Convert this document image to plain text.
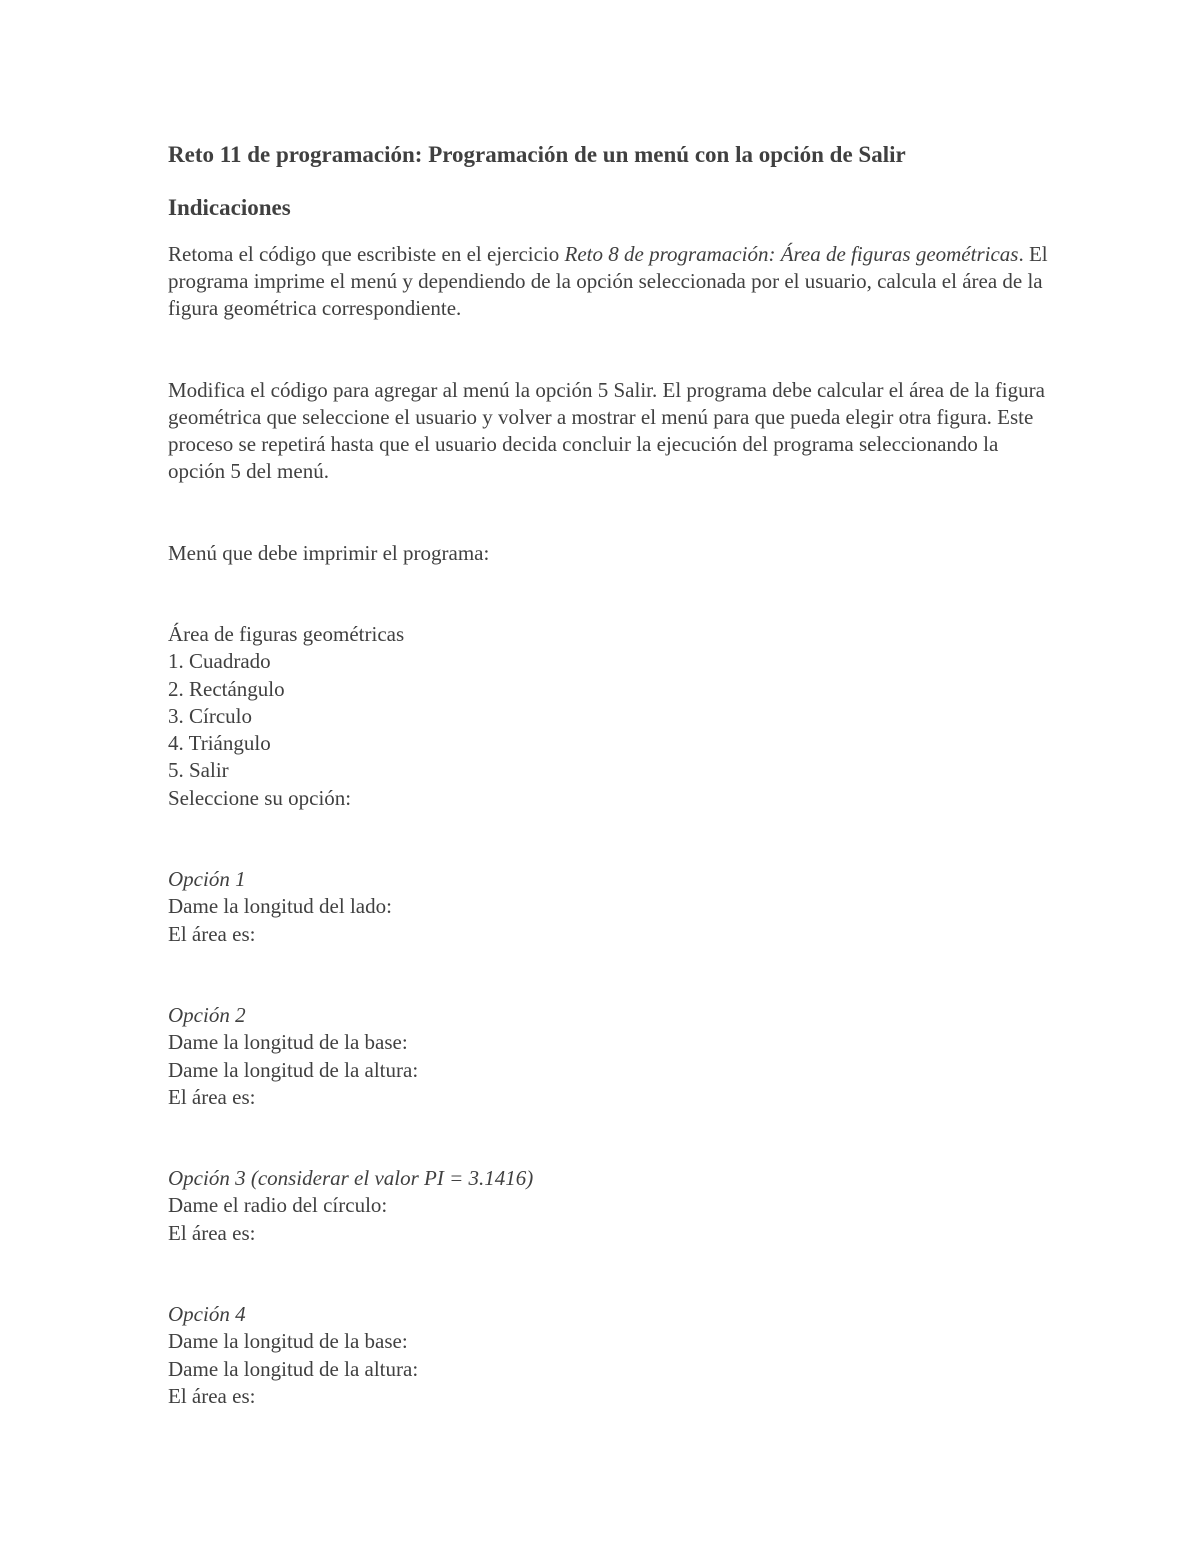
Reto 11 de programación: Programación de un menú con la opción de Salir
Indicaciones

Retoma el código que escribiste en el ejercicio Reto 8 de programación: Área de figuras geométricas. El programa imprime el menú y dependiendo de la opción seleccionada por el usuario, calcula el área de la figura geométrica correspondiente.

Modifica el código para agregar al menú la opción 5 Salir. El programa debe calcular el área de la figura geométrica que seleccione el usuario y volver a mostrar el menú para que pueda elegir otra figura. Este proceso se repetirá hasta que el usuario decida concluir la ejecución del programa seleccionando la opción 5 del menú.

Menú que debe imprimir el programa:

Área de figuras geométricas
1. Cuadrado
2. Rectángulo
3. Círculo
4. Triángulo
5. Salir
Seleccione su opción:
Opción 1
Dame la longitud del lado:
El área es:
Opción 2
Dame la longitud de la base:
Dame la longitud de la altura:
El área es:
Opción 3 (considerar el valor PI = 3.1416)
Dame el radio del círculo:
El área es:
Opción 4
Dame la longitud de la base:
Dame la longitud de la altura:
El área es:
